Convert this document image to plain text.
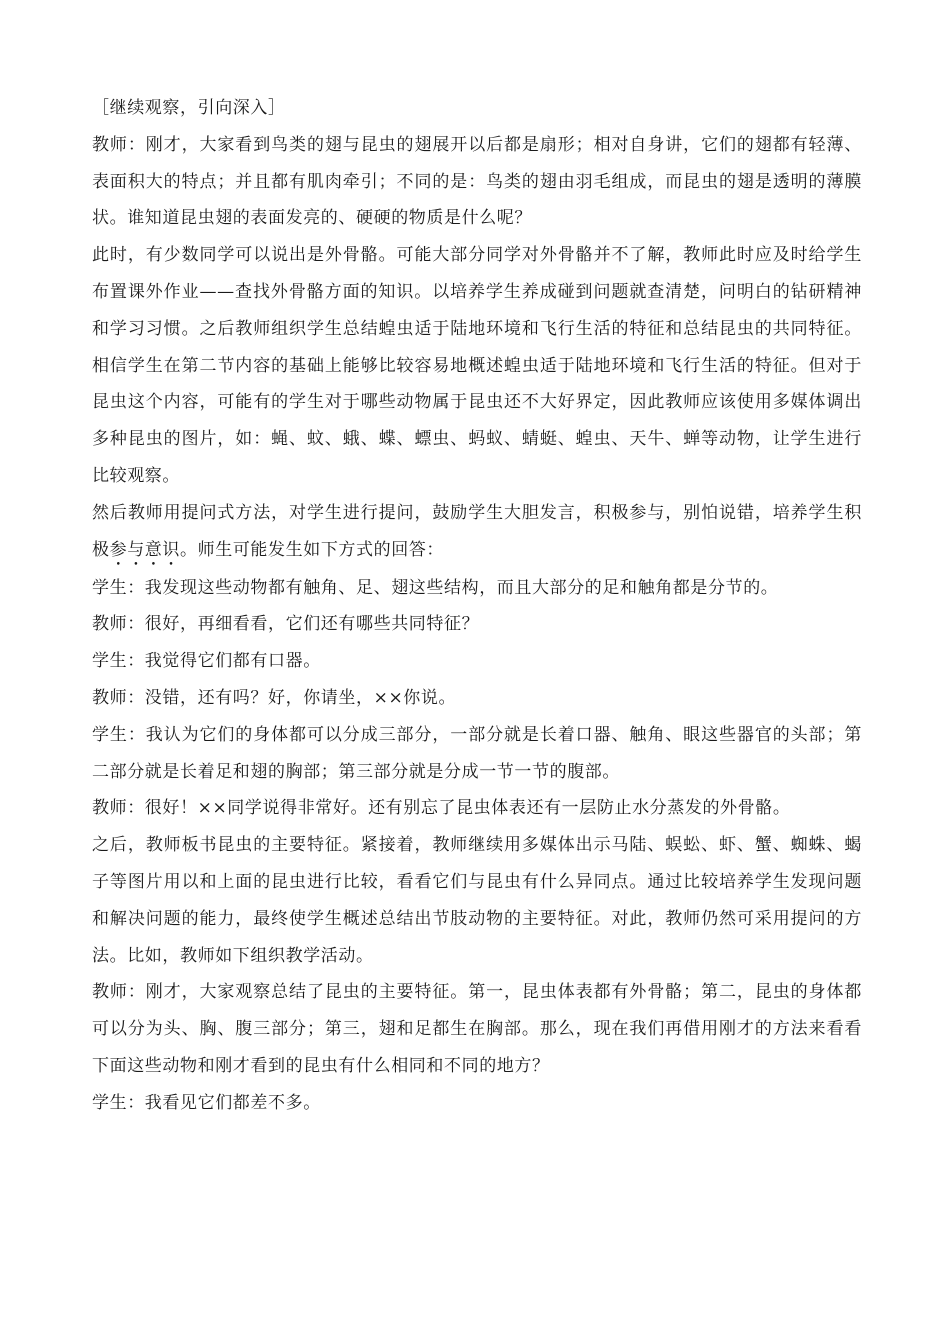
［继续观察，引向深入］

教师：刚才，大家看到鸟类的翅与昆虫的翅展开以后都是扇形；相对自身讲，它们的翅都有轻薄、表面积大的特点；并且都有肌肉牵引；不同的是：鸟类的翅由羽毛组成，而昆虫的翅是透明的薄膜状。谁知道昆虫翅的表面发亮的、硬硬的物质是什么呢？

此时，有少数同学可以说出是外骨骼。可能大部分同学对外骨骼并不了解，教师此时应及时给学生布置课外作业——查找外骨骼方面的知识。以培养学生养成碰到问题就查清楚，问明白的钻研精神和学习习惯。之后教师组织学生总结蝗虫适于陆地环境和飞行生活的特征和总结昆虫的共同特征。相信学生在第二节内容的基础上能够比较容易地概述蝗虫适于陆地环境和飞行生活的特征。但对于昆虫这个内容，可能有的学生对于哪些动物属于昆虫还不大好界定，因此教师应该使用多媒体调出多种昆虫的图片，如：蝇、蚊、蛾、蝶、螵虫、蚂蚁、蜻蜓、蝗虫、天牛、蝉等动物，让学生进行比较观察。

然后教师用提问式方法，对学生进行提问，鼓励学生大胆发言，积极参与，别怕说错，培养学生积极参与意识。师生可能发生如下方式的回答：

学生：我发现这些动物都有触角、足、翅这些结构，而且大部分的足和触角都是分节的。

教师：很好，再细看看，它们还有哪些共同特征？

学生：我觉得它们都有口器。

教师：没错，还有吗？好，你请坐，××你说。

学生：我认为它们的身体都可以分成三部分，一部分就是长着口器、触角、眼这些器官的头部；第二部分就是长着足和翅的胸部；第三部分就是分成一节一节的腹部。

教师：很好！××同学说得非常好。还有别忘了昆虫体表还有一层防止水分蒸发的外骨骼。

之后，教师板书昆虫的主要特征。紧接着，教师继续用多媒体出示马陆、蜈蚣、虾、蟹、蜘蛛、蝎子等图片用以和上面的昆虫进行比较，看看它们与昆虫有什么异同点。通过比较培养学生发现问题和解决问题的能力，最终使学生概述总结出节肢动物的主要特征。对此，教师仍然可采用提问的方法。比如，教师如下组织教学活动。

教师：刚才，大家观察总结了昆虫的主要特征。第一，昆虫体表都有外骨骼；第二，昆虫的身体都可以分为头、胸、腹三部分；第三，翅和足都生在胸部。那么，现在我们再借用刚才的方法来看看下面这些动物和刚才看到的昆虫有什么相同和不同的地方？

学生：我看见它们都差不多。
